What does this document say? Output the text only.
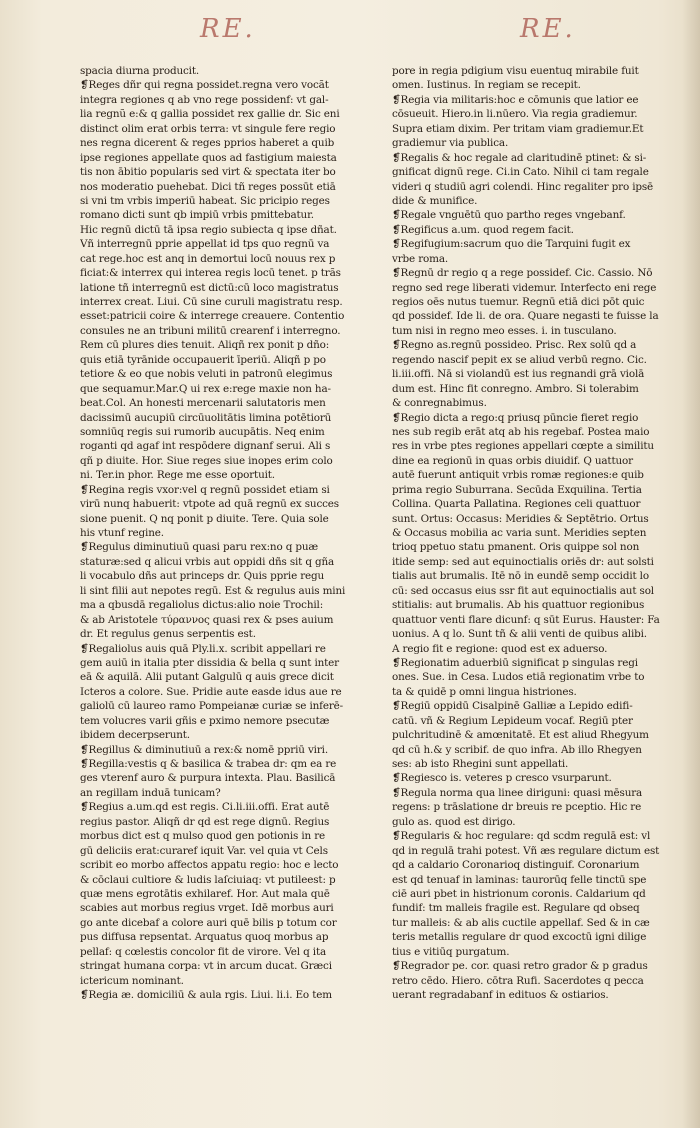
RE.	RE.
spacia diurna producit.
❡Reges dñr qui regna possidet.regna vero vocãt
integra regiones q ab vno rege possidenf: vt gal-
lia regnũ e:& q gallia possidet rex gallie dr. Sic eni
distinct olim erat orbis terra: vt singule fere regio
nes regna dicerent & reges pprios haberet a quib
ipse regiones appellate quos ad fastigium maiesta
tis non ābitio popularis sed virt & spectata iter bo
nos moderatio puehebat. Dici tñ reges possūt etiā
si vni tm vrbis imperiū habeat. Sic pricipio reges
romano dicti sunt qb impiū vrbis pmittebatur.
Hic regnū dictū tā ipsa regio subiecta q ipse dñat.
Vñ interregnū pprie appellat id tps quo regnū va
cat rege.hoc est anq in demortui locū nouus rex p
ficiat:& interrex qui interea regis locū tenet. p trãs
latione tñ interregnū est dictū:cū loco magistratus
interrex creat. Liui. Cū sine curuli magistratu resp.
esset:patricii coire & interrege creauere. Contentio
consules ne an tribuni militū crearenf i interregno.
Rem cū plures dies tenuit. Aliqñ rex ponit p dño:
quis etiā tyrānide occupauerit īperiū. Aliqñ p po
tetiore & eo que nobis veluti in patronū elegimus
que sequamur.Mar.Q ui rex e:rege maxie non ha-
beat.Col. An honesti mercenarii salutatoris men
dacissimū aucupiū circūuolitātis limina potētiorū
somniūq regis sui rumorib aucupātis. Neq enim
roganti qd agaf int respōdere dignanf serui. Ali s
qñ p diuite. Hor. Siue reges siue inopes erim colo
ni. Ter.in phor. Rege me esse oportuit.
❡Regina regis vxor:vel q regnū possidet etiam si
virū nunq habuerit: vtpote ad quā regnū ex succes
sione puenit. Q nq ponit p diuite. Tere. Quia sole
his vtunf regine.
❡Regulus diminutiuū quasi paru rex:no q puæ
staturæ:sed q alicui vrbis aut oppidi dñs sit q gña
li vocabulo dñs aut princeps dr. Quis pprie regu
li sint filii aut nepotes regū. Est & regulus auis mini
ma a qbusdā regaliolus dictus:alio noie Trochil:
& ab Aristotele τύραννος quasi rex & pses auium
dr. Et regulus genus serpentis est.
❡Regaliolus auis quā Ply.li.x. scribit appellari re
gem auiū in italia pter dissidia & bella q sunt inter
eā & aquilā. Alii putant Galgulū q auis grece dicit
Icteros a colore. Sue. Pridie aute easde idus aue re
galiolū cū laureo ramo Pompeianæ curiæ se inferē-
tem volucres varii gñis e pximo nemore psecutæ
ibidem decerpserunt.
❡Regillus & diminutiuū a rex:& nomē ppriū viri.
❡Regilla:vestis q & basilica & trabea dr: qm ea re
ges vterenf auro & purpura intexta. Plau. Basilicā
an regillam induā tunicam?
❡Regius a.um.qd est regis. Ci.li.iii.offi. Erat autē
regius pastor. Aliqñ dr qd est rege dignū. Regius
morbus dict est q mulso quod gen potionis in re
gū deliciis erat:curaref iquit Var. vel quia vt Cels
scribit eo morbo affectos appatu regio: hoc e lecto
& cōclaui cultiore & ludis laſciuiaq: vt putileest: p
quæ mens egrotātis exhilaref. Hor. Aut mala quē
scabies aut morbus regius vrget. Idē morbus auri
go ante dicebaf a colore auri quē bilis p totum cor
pus diffusa repsentat. Arquatus quoq morbus ap
pellaf: q cœlestis concolor fit de virore. Vel q ita
stringat humana corpa: vt in arcum ducat. Græci
ictericum nominant.
❡Regia æ. domiciliū & aula rgis. Liui. li.i. Eo tem
pore in regia pdigium visu euentuq mirabile fuit
omen. Iustinus. In regiam se recepit.
❡Regia via militaris:hoc e cōmunis que latior ee
cōsueuit. Hiero.in li.nūero. Via regia gradiemur.
Supra etiam dixim. Per tritam viam gradiemur.Et
gradiemur via publica.
❡Regalis & hoc regale ad claritudinē ptinet: & si-
gnificat dignū rege. Ci.in Cato. Nihil ci tam regale
videri q studiū agri colendi. Hinc regaliter pro ipsē
dide & munifice.
❡Regale vnguētū quo partho reges vngebanf.
❡Regificus a.um. quod regem facit.
❡Regifugium:sacrum quo die Tarquini fugit ex
vrbe roma.
❡Regnū dr regio q a rege possidef. Cic. Cassio. Nō
regno sed rege liberati videmur. Interfecto eni rege
regios oēs nutus tuemur. Regnū etiā dici pōt quic
qd possidef. Ide li. de ora. Quare negasti te fuisse la
tum nisi in regno meo esses. i. in tusculano.
❡Regno as.regnū possideo. Prisc. Rex solū qd a
regendo nascif pepit ex se aliud verbū regno. Cic.
li.iii.offi. Nā si violandū est ius regnandi grā violā
dum est. Hinc fit conregno. Ambro. Si tolerabim
& conregnabimus.
❡Regio dicta a rego:q priusq pūncie fieret regio
nes sub regib erāt atq ab his regebaf. Postea maio
res in vrbe ptes regiones appellari cœpte a similitu
dine ea regionū in quas orbis diuidif. Q uattuor
autē fuerunt antiquit vrbis romæ regiones:e quib
prima regio Suburrana. Secūda Exquilina. Tertia
Collina. Quarta Pallatina. Regiones celi quattuor
sunt. Ortus: Occasus: Meridies & Septētrio. Ortus
& Occasus mobilia ac varia sunt. Meridies septen
trioq ppetuo statu pmanent. Oris quippe sol non
itide semp: sed aut equinoctialis oriēs dr: aut solsti
tialis aut brumalis. Itē nō in eundē semp occidit lo
cū: sed occasus eius ssr fit aut equinoctialis aut sol
stitialis: aut brumalis. Ab his quattuor regionibus
quattuor venti flare dicunf: q sūt Eurus. Hauster: Fa
uonius. A q lo. Sunt tñ & alii venti de quibus alibi.
A regio fit e regione: quod est ex aduerso.
❡Regionatim aduerbiū significat p singulas regi
ones. Sue. in Cesa. Ludos etiā regionatim vrbe to
ta & quidē p omni lingua histriones.
❡Regiū oppidū Cisalpinē Galliæ a Lepido edifi-
catū. vñ & Regium Lepideum vocaf. Regiū pter
pulchritudinē & amœnitatē. Et est aliud Rhegyum
qd cū h.& y scribif. de quo infra. Ab illo Rhegyen
ses: ab isto Rhegini sunt appellati.
❡Regiesco is. veteres p cresco vsurparunt.
❡Regula norma qua linee diriguni: quasi mēsura
regens: p trāslatione dr breuis re pceptio. Hic re
gulo as. quod est dirigo.
❡Regularis & hoc regulare: qd scdm regulā est: vl
qd in regulā trahi potest. Vñ æs regulare dictum est
qd a caldario Coronarioq distinguif. Coronarium
est qd tenuaf in laminas: taurorūq felle tinctū spe
ciē auri pbet in histrionum coronis. Caldarium qd
fundif: tm malleis fragile est. Regulare qd obseq
tur malleis: & ab alis cuctile appellaf. Sed & in cæ
teris metallis regulare dr quod excoctū igni dilige
tius e vitiūq purgatum.
❡Regrador pe. cor. quasi retro grador & p gradus
retro cēdo. Hiero. cōtra Rufi. Sacerdotes q pecca
uerant regradabanf in edituos & ostiarios.
